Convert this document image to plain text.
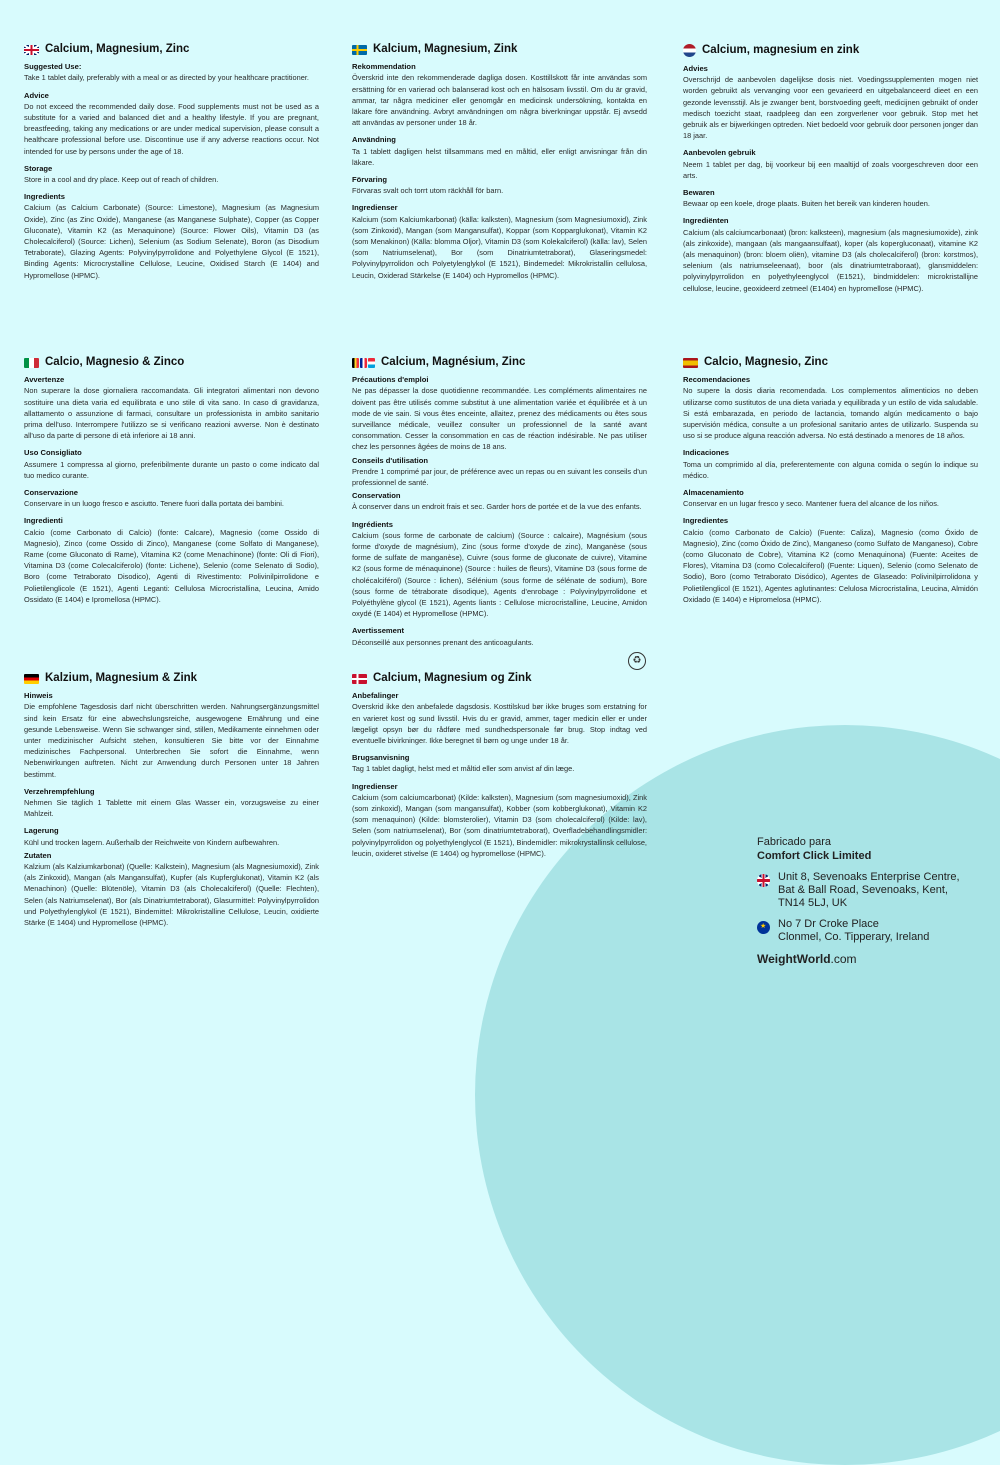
Calcium, Magnesium, Zinc
Suggested Use:

Take 1 tablet daily, preferably with a meal or as directed by your healthcare practitioner.

Advice

Do not exceed the recommended daily dose. Food supplements must not be used as a substitute for a varied and balanced diet and a healthy lifestyle. If you are pregnant, breastfeeding, taking any medications or are under medical supervision, please consult a healthcare professional before use. Discontinue use if any adverse reactions occur. Not intended for use by persons under the age of 18.

Storage

Store in a cool and dry place. Keep out of reach of children.

Ingredients

Calcium (as Calcium Carbonate) (Source: Limestone), Magnesium (as Magnesium Oxide), Zinc (as Zinc Oxide), Manganese (as Manganese Sulphate), Copper (as Copper Gluconate), Vitamin K2 (as Menaquinone) (Source: Flower Oils), Vitamin D3 (as Cholecalciferol) (Source: Lichen), Selenium (as Sodium Selenate), Boron (as Disodium Tetraborate), Glazing Agents: Polyvinylpyrrolidone and Polyethylene Glycol (E 1521), Binding Agents: Microcrystalline Cellulose, Leucine, Oxidised Starch (E 1404) and Hypromellose (HPMC).

Kalcium, Magnesium, Zink
Rekommendation

Överskrid inte den rekommenderade dagliga dosen. Kosttillskott får inte användas som ersättning för en varierad och balanserad kost och en hälsosam livsstil. Om du är gravid, ammar, tar några mediciner eller genomgår en medicinsk undersökning, kontakta en läkare före användning. Avbryt användningen om några biverkningar uppstår. Ej avsedd att användas av personer under 18 år.

Användning

Ta 1 tablett dagligen helst tillsammans med en måltid, eller enligt anvisningar från din läkare.

Förvaring

Förvaras svalt och torrt utom räckhåll för barn.

Ingredienser

Kalcium (som Kalciumkarbonat) (källa: kalksten), Magnesium (som Magnesiumoxid), Zink (som Zinkoxid), Mangan (som Mangansulfat), Koppar (som Kopparglukonat), Vitamin K2 (som Menakinon) (Källa: blomma Oljor), Vitamin D3 (som Kolekalciferol) (källa: lav), Selen (som Natriumselenat), Bor (som Dinatriumtetraborat), Glaseringsmedel: Polyvinylpyrrolidon och Polyetylenglykol (E 1521), Bindemedel: Mikrokristallin cellulosa, Leucin, Oxiderad Stärkelse (E 1404) och Hypromellos (HPMC).

Calcium, magnesium en zink
Advies

Overschrijd de aanbevolen dagelijkse dosis niet. Voedingssupplementen mogen niet worden gebruikt als vervanging voor een gevarieerd en uitgebalanceerd dieet en een gezonde levensstijl. Als je zwanger bent, borstvoeding geeft, medicijnen gebruikt of onder medisch toezicht staat, raadpleeg dan een zorgverlener voor gebruik. Stop met het gebruik als er bijwerkingen optreden. Niet bedoeld voor gebruik door personen jonger dan 18 jaar.

Aanbevolen gebruik

Neem 1 tablet per dag, bij voorkeur bij een maaltijd of zoals voorgeschreven door een arts.

Bewaren

Bewaar op een koele, droge plaats. Buiten het bereik van kinderen houden.

Ingrediënten

Calcium (als calciumcarbonaat) (bron: kalksteen), magnesium (als magnesiumoxide), zink (als zinkoxide), mangaan (als mangaansulfaat), koper (als kopergluconaat), vitamine K2 (als menaquinon) (bron: bloem oliën), vitamine D3 (als cholecalciferol) (bron: korstmos), selenium (als natriumseleenaat), boor (als dinatriumtetraboraat), glansmiddelen: polyvinylpyrrolidon en polyethyleenglycol (E1521), bindmiddelen: microkristallijne cellulose, leucine, geoxideerd zetmeel (E1404) en hypromellose (HPMC).

Calcio, Magnesio & Zinco
Avvertenze

Non superare la dose giornaliera raccomandata. Gli integratori alimentari non devono sostituire una dieta varia ed equilibrata e uno stile di vita sano. In caso di gravidanza, allattamento o assunzione di farmaci, consultare un professionista in ambito sanitario prima dell'uso. Interrompere l'utilizzo se si verificano reazioni avverse. Non è destinato all'uso da parte di persone di età inferiore ai 18 anni.

Uso Consigliato

Assumere 1 compressa al giorno, preferibilmente durante un pasto o come indicato dal tuo medico curante.

Conservazione

Conservare in un luogo fresco e asciutto. Tenere fuori dalla portata dei bambini.

Ingredienti

Calcio (come Carbonato di Calcio) (fonte: Calcare), Magnesio (come Ossido di Magnesio), Zinco (come Ossido di Zinco), Manganese (come Solfato di Manganese), Rame (come Gluconato di Rame), Vitamina K2 (come Menachinone) (fonte: Oli di Fiori), Vitamina D3 (come Colecalciferolo) (fonte: Lichene), Selenio (come Selenato di Sodio), Boro (come Tetraborato Disodico), Agenti di Rivestimento: Polivinilpirrolidone e Polietilenglicole (E 1521), Agenti Leganti: Cellulosa Microcristallina, Leucina, Amido Ossidato (E 1404) e Ipromellosa (HPMC).

Calcium, Magnésium, Zinc
Précautions d'emploi

Ne pas dépasser la dose quotidienne recommandée. Les compléments alimentaires ne doivent pas être utilisés comme substitut à une alimentation variée et équilibrée et à un mode de vie sain. Si vous êtes enceinte, allaitez, prenez des médicaments ou êtes sous surveillance médicale, veuillez consulter un professionnel de la santé avant consommation. Cesser la consommation en cas de réaction indésirable. Ne pas utiliser chez les personnes âgées de moins de 18 ans.

Conseils d'utilisation

Prendre 1 comprimé par jour, de préférence avec un repas ou en suivant les conseils d'un professionnel de santé.

Conservation

À conserver dans un endroit frais et sec. Garder hors de portée et de la vue des enfants.

Ingrédients

Calcium (sous forme de carbonate de calcium) (Source : calcaire), Magnésium (sous forme d'oxyde de magnésium), Zinc (sous forme d'oxyde de zinc), Manganèse (sous forme de sulfate de manganèse), Cuivre (sous forme de gluconate de cuivre), Vitamine K2 (sous forme de ménaquinone) (Source : huiles de fleurs), Vitamine D3 (sous forme de cholécalciférol) (Source : lichen), Sélénium (sous forme de sélénate de sodium), Bore (sous forme de tétraborate disodique), Agents d'enrobage : Polyvinylpyrrolidone et Polyéthylène glycol (E 1521), Agents liants : Cellulose microcristalline, Leucine, Amidon oxydé (E 1404) et Hypromellose (HPMC).

Avertissement

Déconseillé aux personnes prenant des anticoagulants.

♻
Calcio, Magnesio, Zinc
Recomendaciones

No supere la dosis diaria recomendada. Los complementos alimenticios no deben utilizarse como sustitutos de una dieta variada y equilibrada y un estilo de vida saludable. Si está embarazada, en periodo de lactancia, tomando algún medicamento o bajo supervisión médica, consulte a un profesional sanitario antes de utilizarlo. Suspenda su uso si se produce alguna reacción adversa. No está destinado a menores de 18 años.

Indicaciones

Toma un comprimido al día, preferentemente con alguna comida o según lo indique su médico.

Almacenamiento

Conservar en un lugar fresco y seco. Mantener fuera del alcance de los niños.

Ingredientes

Calcio (como Carbonato de Calcio) (Fuente: Caliza), Magnesio (como Óxido de Magnesio), Zinc (como Óxido de Zinc), Manganeso (como Sulfato de Manganeso), Cobre (como Gluconato de Cobre), Vitamina K2 (como Menaquinona) (Fuente: Aceites de Flores), Vitamina D3 (como Colecalciferol) (Fuente: Liquen), Selenio (como Selenato de Sodio), Boro (como Tetraborato Disódico), Agentes de Glaseado: Polivinilpirrolidona y Polietilenglicol (E 1521), Agentes aglutinantes: Celulosa Microcristalina, Leucina, Almidón Oxidado (E 1404) e Hipromelosa (HPMC).

Kalzium, Magnesium & Zink
Hinweis

Die empfohlene Tagesdosis darf nicht überschritten werden. Nahrungsergänzungsmittel sind kein Ersatz für eine abwechslungsreiche, ausgewogene Ernährung und eine gesunde Lebensweise. Wenn Sie schwanger sind, stillen, Medikamente einnehmen oder unter medizinischer Aufsicht stehen, konsultieren Sie bitte vor der Einnahme medizinisches Fachpersonal. Unterbrechen Sie sofort die Einnahme, wenn Nebenwirkungen auftreten. Nicht zur Anwendung durch Personen unter 18 Jahren bestimmt.

Verzehrempfehlung

Nehmen Sie täglich 1 Tablette mit einem Glas Wasser ein, vorzugsweise zu einer Mahlzeit.

Lagerung

Kühl und trocken lagern. Außerhalb der Reichweite von Kindern aufbewahren.

Zutaten

Kalzium (als Kalziumkarbonat) (Quelle: Kalkstein), Magnesium (als Magnesiumoxid), Zink (als Zinkoxid), Mangan (als Mangansulfat), Kupfer (als Kupferglukonat), Vitamin K2 (als Menachinon) (Quelle: Blütenöle), Vitamin D3 (als Cholecalciferol) (Quelle: Flechten), Selen (als Natriumselenat), Bor (als Dinatriumtetraborat), Glasurmittel: Polyvinylpyrrolidon und Polyethylenglykol (E 1521), Bindemittel: Mikrokristalline Cellulose, Leucin, oxidierte Stärke (E 1404) und Hypromellose (HPMC).

Calcium, Magnesium og Zink
Anbefalinger

Overskrid ikke den anbefalede dagsdosis. Kosttilskud bør ikke bruges som erstatning for en varieret kost og sund livsstil. Hvis du er gravid, ammer, tager medicin eller er under lægeligt opsyn bør du rådføre med sundhedspersonale før brug. Stop indtag ved eventuelle bivirkninger. Ikke beregnet til børn og unge under 18 år.

Brugsanvisning

Tag 1 tablet dagligt, helst med et måltid eller som anvist af din læge.

Ingredienser

Calcium (som calciumcarbonat) (Kilde: kalksten), Magnesium (som magnesiumoxid), Zink (som zinkoxid), Mangan (som mangansulfat), Kobber (som kobberglukonat), Vitamin K2 (som menaquinon) (Kilde: blomsterolier), Vitamin D3 (som cholecalciferol) (Kilde: lav), Selen (som natriumselenat), Bor (som dinatriumtetraborat), Overfladebehandlingsmidler: polyvinylpyrrolidon og polyethylenglycol (E 1521), Bindemidler: mikrokrystallinsk cellulose, leucin, oxideret stivelse (E 1404) og hypromellose (HPMC).

Fabricado para
Comfort Click Limited
Unit 8, Sevenoaks Enterprise Centre,
Bat & Ball Road, Sevenoaks, Kent,
TN14 5LJ, UK
★
No 7 Dr Croke Place
Clonmel, Co. Tipperary, Ireland
WeightWorld.com
